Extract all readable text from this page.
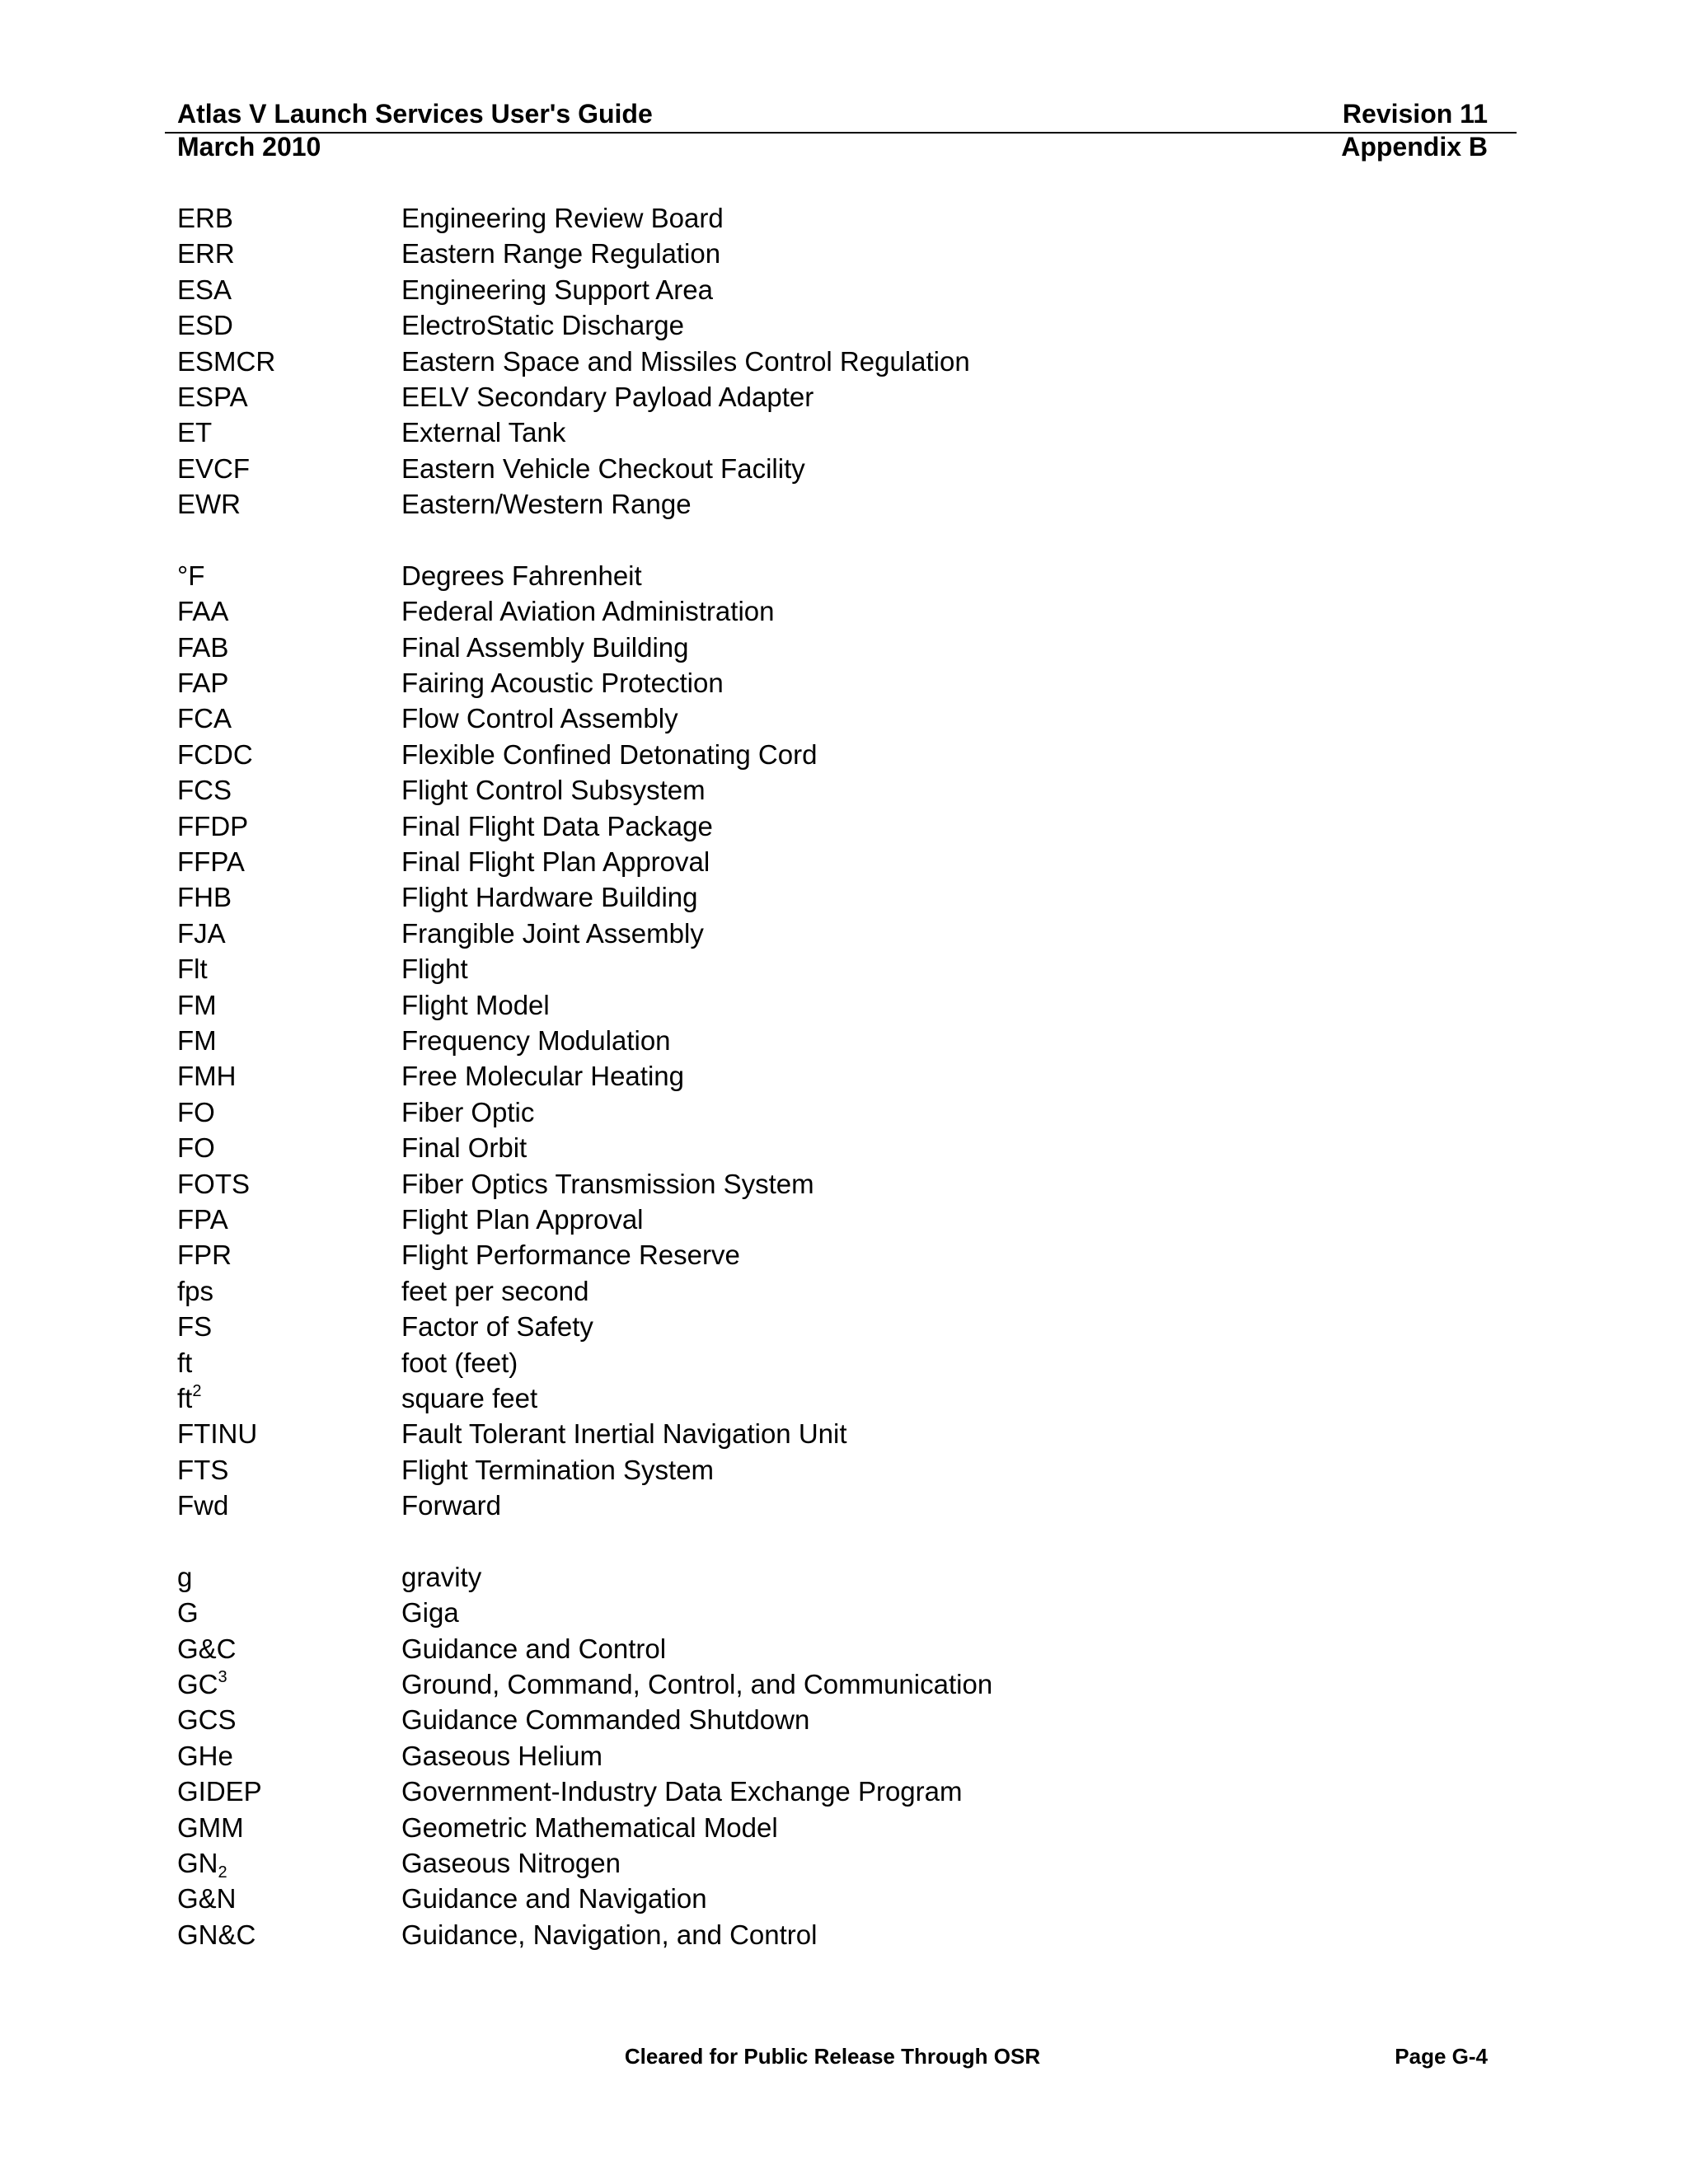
Atlas V Launch Services User's Guide	Revision 11
March 2010	Appendix B
ERB	Engineering Review Board
ERR	Eastern Range Regulation
ESA	Engineering Support Area
ESD	ElectroStatic Discharge
ESMCR	Eastern Space and Missiles Control Regulation
ESPA	EELV Secondary Payload Adapter
ET	External Tank
EVCF	Eastern Vehicle Checkout Facility
EWR	Eastern/Western Range
°F	Degrees Fahrenheit
FAA	Federal Aviation Administration
FAB	Final Assembly Building
FAP	Fairing Acoustic Protection
FCA	Flow Control Assembly
FCDC	Flexible Confined Detonating Cord
FCS	Flight Control Subsystem
FFDP	Final Flight Data Package
FFPA	Final Flight Plan Approval
FHB	Flight Hardware Building
FJA	Frangible Joint Assembly
Flt	Flight
FM	Flight Model
FM	Frequency Modulation
FMH	Free Molecular Heating
FO	Fiber Optic
FO	Final Orbit
FOTS	Fiber Optics Transmission System
FPA	Flight Plan Approval
FPR	Flight Performance Reserve
fps	feet per second
FS	Factor of Safety
ft	foot (feet)
$ft^2$	square feet
FTINU	Fault Tolerant Inertial Navigation Unit
FTS	Flight Termination System
Fwd	Forward
g	gravity
G	Giga
G&C	Guidance and Control
$GC^3$	Ground, Command, Control, and Communication
GCS	Guidance Commanded Shutdown
GHe	Gaseous Helium
GIDEP	Government-Industry Data Exchange Program
GMM	Geometric Mathematical Model
$GN_2$	Gaseous Nitrogen
G&N	Guidance and Navigation
GN&C	Guidance, Navigation, and Control
Cleared for Public Release Through OSR	Page G-4
